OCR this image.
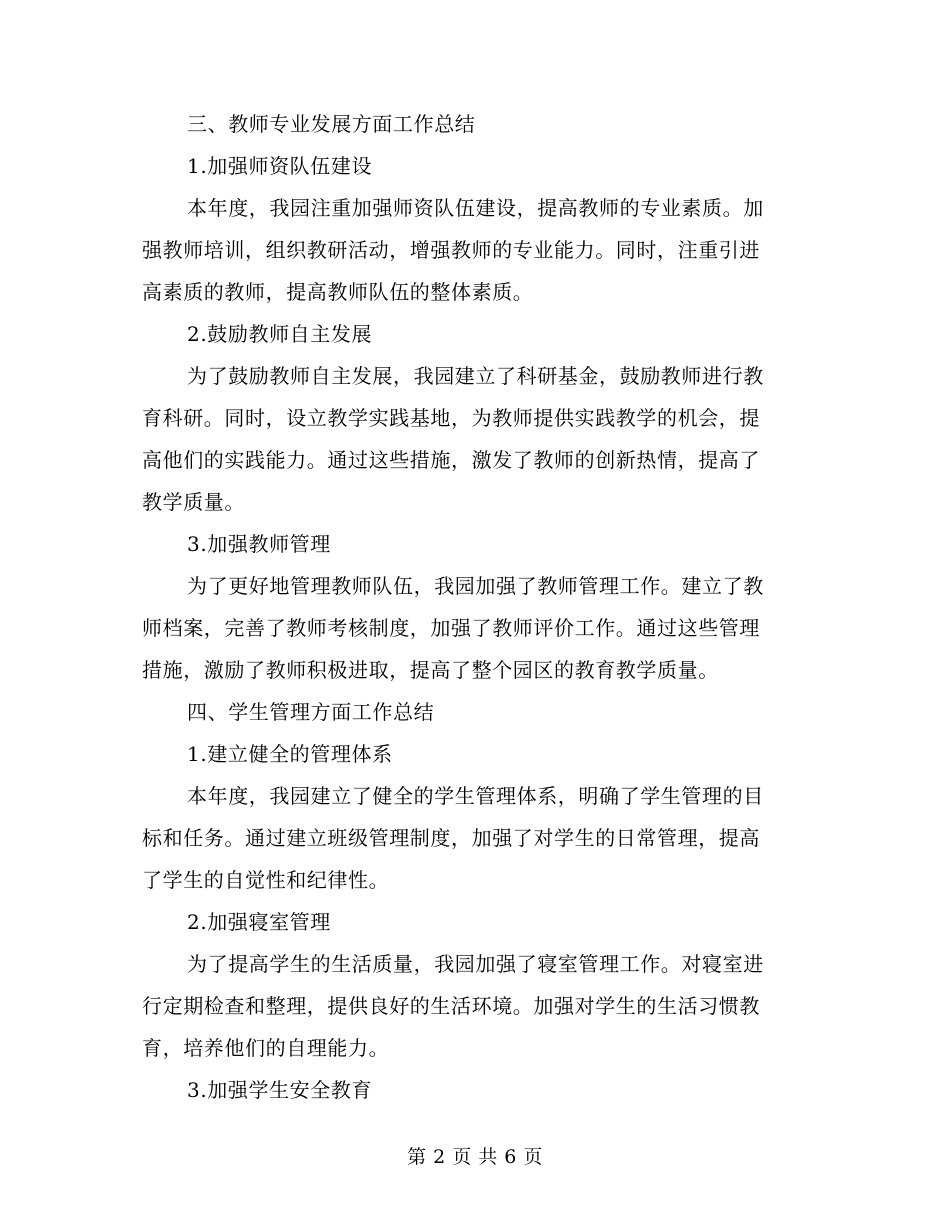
三、教师专业发展方面工作总结
1.加强师资队伍建设
本年度，我园注重加强师资队伍建设，提高教师的专业素质。加
强教师培训，组织教研活动，增强教师的专业能力。同时，注重引进
高素质的教师，提高教师队伍的整体素质。
2.鼓励教师自主发展
为了鼓励教师自主发展，我园建立了科研基金，鼓励教师进行教
育科研。同时，设立教学实践基地，为教师提供实践教学的机会，提
高他们的实践能力。通过这些措施，激发了教师的创新热情，提高了
教学质量。
3.加强教师管理
为了更好地管理教师队伍，我园加强了教师管理工作。建立了教
师档案，完善了教师考核制度，加强了教师评价工作。通过这些管理
措施，激励了教师积极进取，提高了整个园区的教育教学质量。
四、学生管理方面工作总结
1.建立健全的管理体系
本年度，我园建立了健全的学生管理体系，明确了学生管理的目
标和任务。通过建立班级管理制度，加强了对学生的日常管理，提高
了学生的自觉性和纪律性。
2.加强寝室管理
为了提高学生的生活质量，我园加强了寝室管理工作。对寝室进
行定期检查和整理，提供良好的生活环境。加强对学生的生活习惯教
育，培养他们的自理能力。
3.加强学生安全教育
第 2 页 共 6 页
